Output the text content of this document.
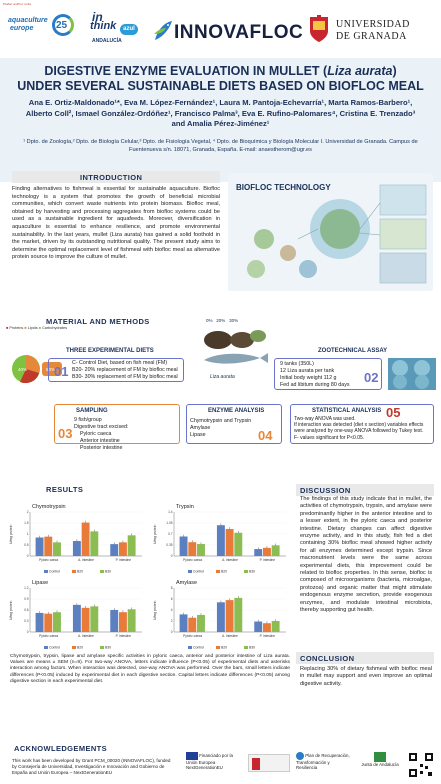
Poster author note
aquaculture
europe 25
in
think	azul
ANDALUCÍA	INNOVAFLOC	UNIVERSIDAD
DE GRANADA
DIGESTIVE ENZYME EVALUATION IN MULLET (Liza aurata)
UNDER SEVERAL SUSTAINABLE DIETS BASED ON BIOFLOC MEAL
Ana E. Ortiz-Maldonado¹*, Eva M. López-Fernández¹, Laura M. Pantoja-Echevarría¹, Marta Ramos-Barbero¹, Alberto Coll², Ismael González-Ordóñez¹, Francisco Palma³, Eva E. Rufino-Palomares⁴, Cristina E. Trenzado³ and Amalia Pérez-Jiménez¹
¹ Dpto. de Zoología,² Dpto. de Biología Celular,³ Dpto. de Fisiología Vegetal, ⁴ Dpto. de Bioquímica y Biología Molecular I. Universidad de Granada. Campus de Fuentenueva s/n. 18071, Granada, España. E-mail: anaestherom@ugr.es
INTRODUCTION
Finding alternatives to fishmeal is essential for sustainable aquaculture. Biofloc technology is a system that promotes the growth of beneficial microbial communities, which convert waste nutrients into protein biomass. Biofloc meal, obtained by harvesting and processing aggregates from biofloc systems could be used as a sustainable ingredient for aquafeeds. Moreover, diversification in aquaculture is essential to enhance resilience, and promote environmental sustainability. In the last years, mullet (Liza aurata) has gained a solid foothold in the market, driven by its outstanding nutritional quality. The present study aims to determine the optimal replacement level of fishmeal with biofloc meal as alternative protein source to improve the culture of mullet.
BIOFLOC TECHNOLOGY
MATERIAL AND METHODS	0% 20% 30%
Liza aurata
■ Proteins ■ Lipids ■ Carbohydrates
40%	50%
THREE EXPERIMENTAL DIETS
C- Control Diet, based on fish meal (FM)
B20- 20% replacement of FM by biofloc meal
B30- 30% replacement of FM by biofloc meal
01
ZOOTECHNICAL ASSAY
9 tanks (350L)
12 Liza aurata per tank
Initial body weight 112 g
Fed ad libitum during 80 days	02
SAMPLING
9 fish/group
Digestive tract excised:
Pyloric caeca
Anterior intestine
Posterior intestine
03
ENZYME ANALYSIS
Chymotrypsin and Trypsin
Amylase
Lipase	04
STATISTICAL ANALYSIS
Two-way ANOVA was used.
If interaction was detected (diet x section) variables effects were analyzed by one-way ANOVA followed by Tukey test. F- values significant for P<0.05.
05
RESULTS
Chymotrypsin
U/mg protein
0
0.5
1
1.5
2
Pyloric caeca	A. intestine	P. intestine
Control	B20	B30
Trypsin
U/mg protein
0
0.35
0.7
1.05
1.4
Pyloric caeca	A. intestine	P. intestine
Control	B20	B30
Lipase
U/mg protein
0
0.3
0.6
0.9
1.2
Pyloric caeca	A. intestine	P. intestine
Control	B20	B30
Amylase
U/mg protein
0
2
4
6
8
Pyloric caeca	A. intestine	P. intestine
Control	B20	B30
Chymotrypsin, trypsin, lipase and amylase specific activities in pyloric caeca, anterior and posterior intestine of Liza aurata. Values are means ± SEM (n=9). For two-way ANOVA, letters indicate influence (P<0.05) of experimental diets and asterisks interaction among factors. When interaction was detected, one-way ANOVA was performed. Over the bars, small letters indicate differences (P<0.05) induced by experimental diet in each digestive section. Capital letters indicate differences (P<0.05) among digestive section in each experimental diet.
DISCUSSION
The findings of this study indicate that in mullet, the activities of chymotrypsin, trypsin, and amylase were predominantly higher in the anterior intestine and to a lesser extent, in the pyloric caeca and posterior intestine. Dietary changes can affect digestive enzyme activity, and in this study, fish fed a diet containing 30% biofloc meal showed higher activity for all enzymes determined except trypsin. Since macronutrient levels were the same across experimental diets, this improvement could be related to biofloc properties. In this sense, biofloc is composed of microorganisms (bacteria, microalgae, protozoa) and organic matter that might stimulate endogenous enzyme secretion, provide exogenous enzymes, and modulate intestinal microbiota, thereby supporting gut health.
CONCLUSION
Replacing 30% of dietary fishmeal with biofloc meal in mullet may support and even improve an optimal digestive activity.
ACKNOWLEDGEMENTS
This work has been developed by Grant PCM_00020 (INNOVAFLOC), funded by Consejería de Universidad, Investigación e Innovación and Gobierno de España and Unión Europea – NextGenerationEU
Financiado por la Unión Europea NextGenerationEU
Plan de Recuperación, Transformación y Resiliencia
Junta de Andalucía
